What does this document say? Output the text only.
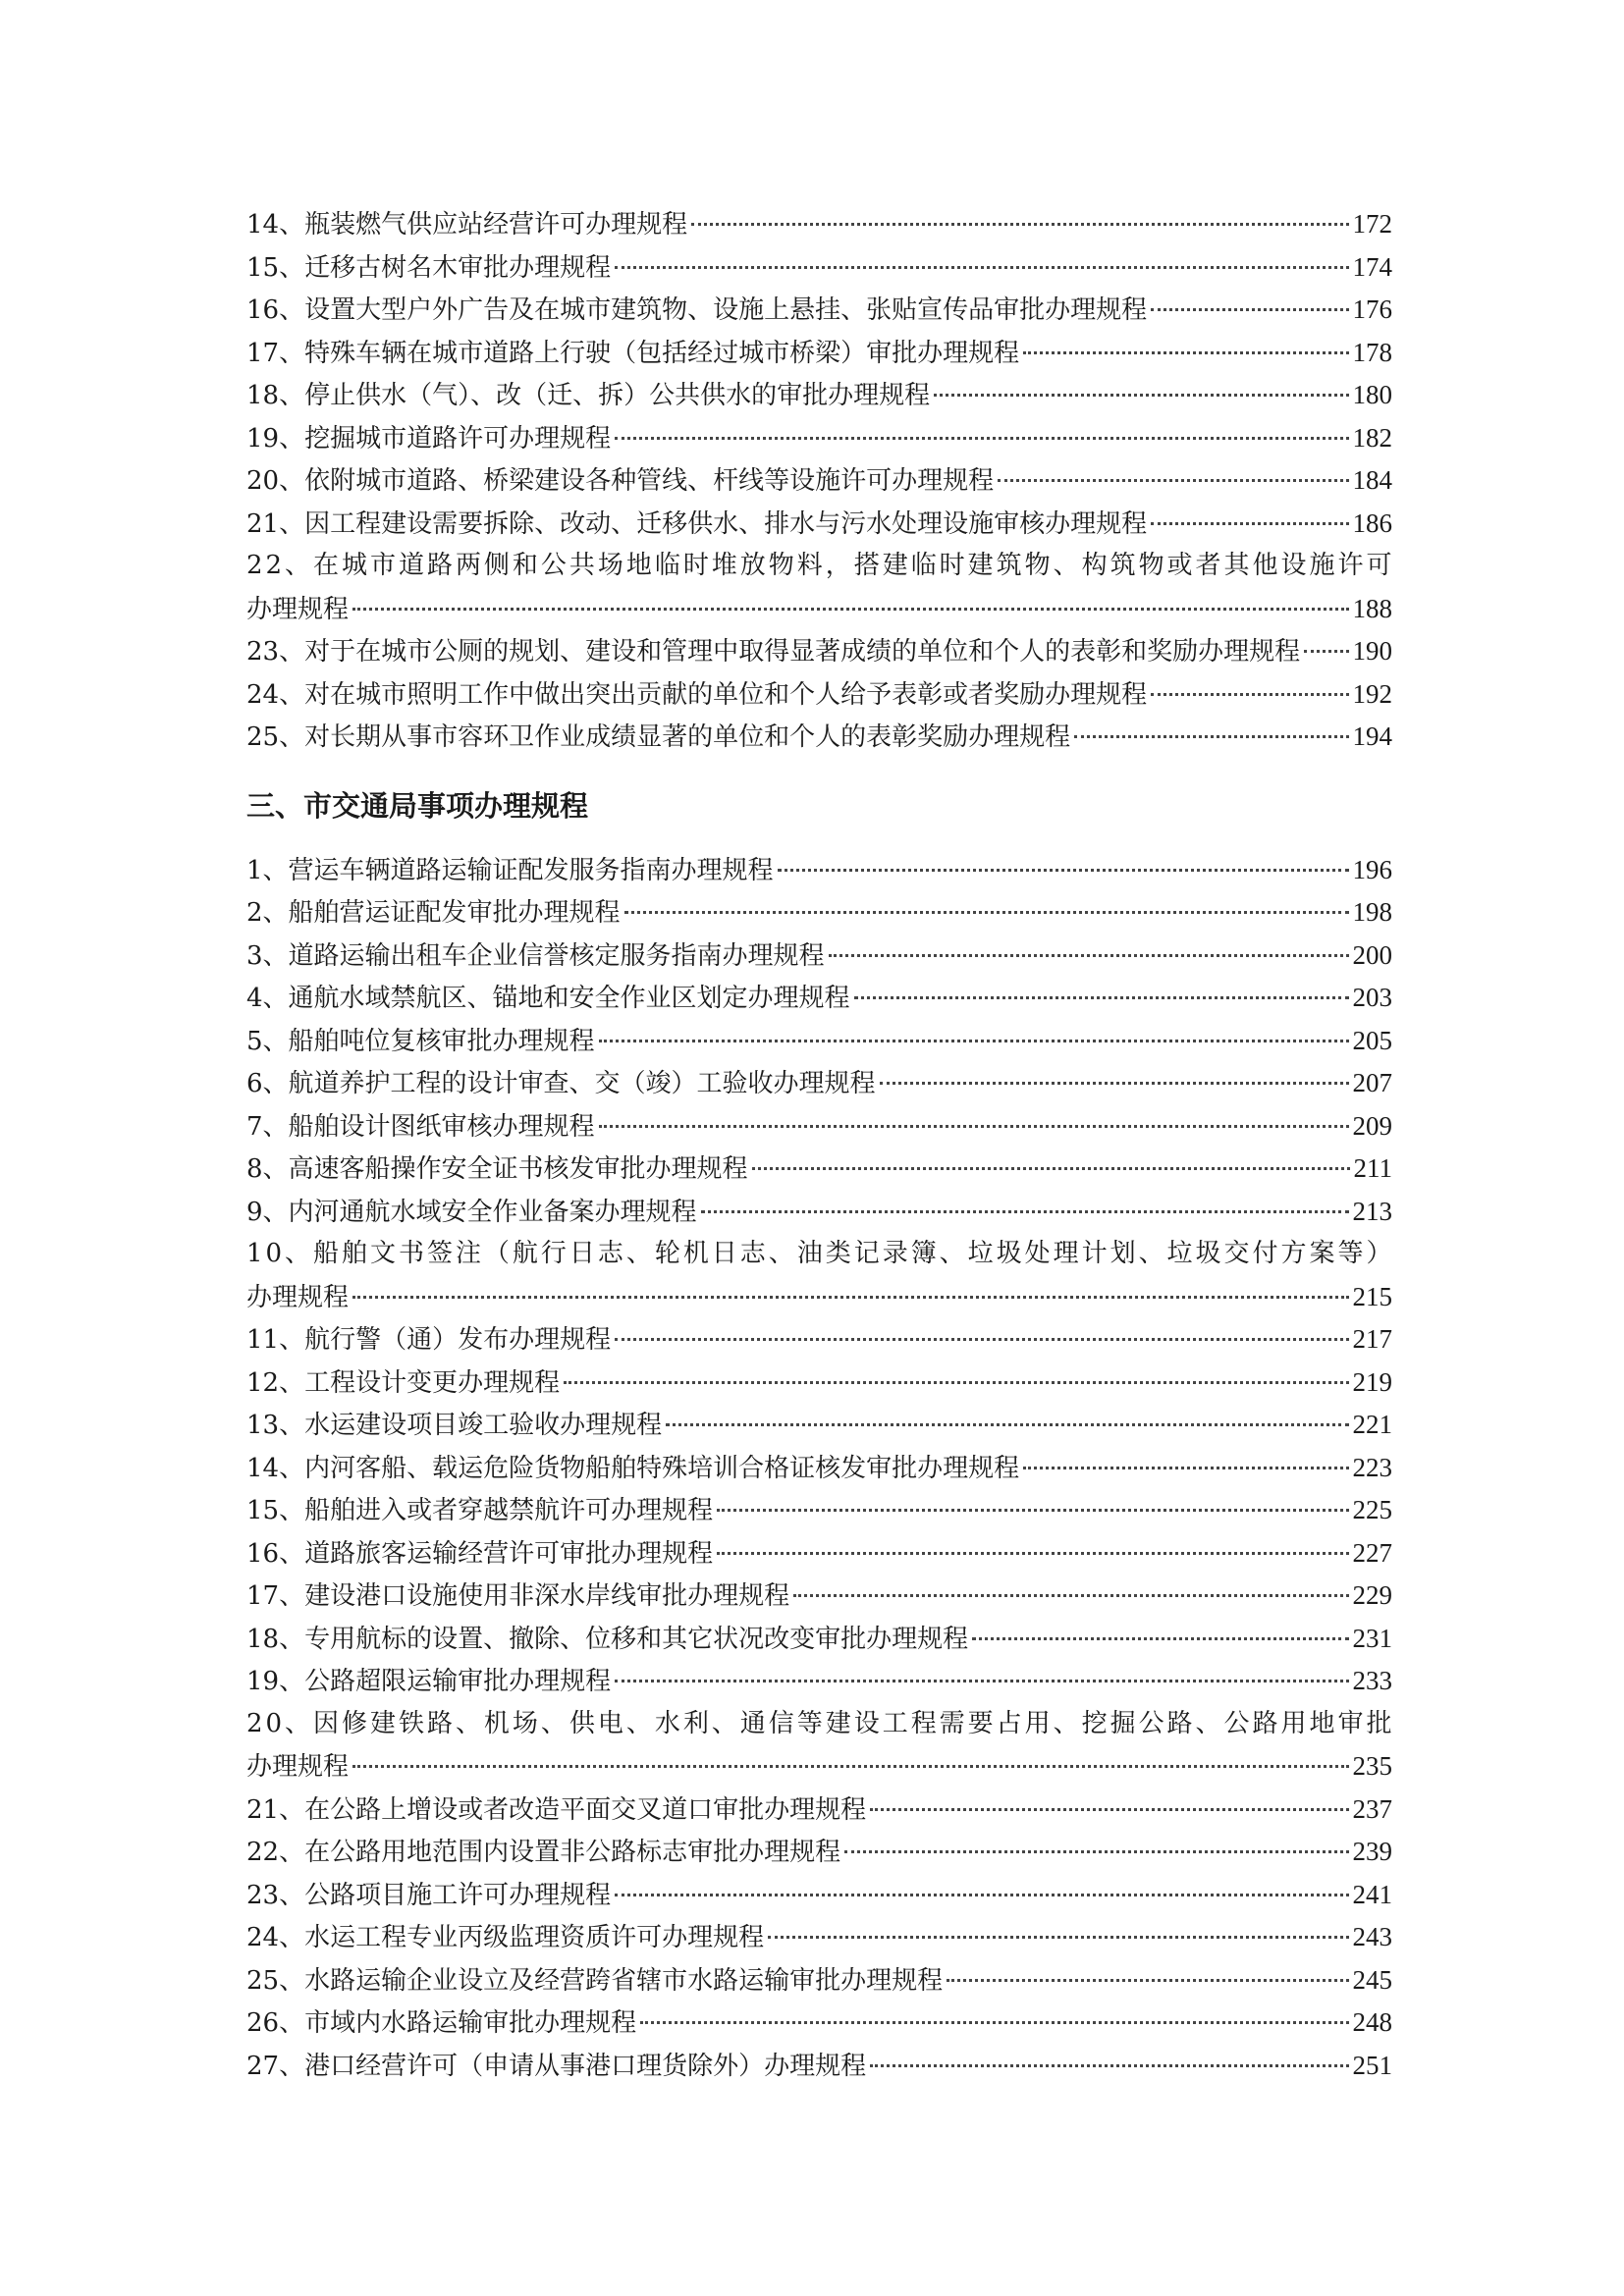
14、瓶装燃气供应站经营许可办理规程	172
15、迁移古树名木审批办理规程	174
16、设置大型户外广告及在城市建筑物、设施上悬挂、张贴宣传品审批办理规程	176
17、特殊车辆在城市道路上行驶（包括经过城市桥梁）审批办理规程	178
18、停止供水（气）、改（迁、拆）公共供水的审批办理规程	180
19、挖掘城市道路许可办理规程	182
20、依附城市道路、桥梁建设各种管线、杆线等设施许可办理规程	184
21、因工程建设需要拆除、改动、迁移供水、排水与污水处理设施审核办理规程	186
2 2 、 在 城 市 道 路 两 侧 和 公 共 场 地 临 时 堆 放 物 料 ， 搭 建 临 时 建 筑 物 、 构 筑 物 或 者 其 他 设 施 许 可
办理规程	188
23、对于在城市公厕的规划、建设和管理中取得显著成绩的单位和个人的表彰和奖励办理规程 190
24、对在城市照明工作中做出突出贡献的单位和个人给予表彰或者奖励办理规程	192
25、对长期从事市容环卫作业成绩显著的单位和个人的表彰奖励办理规程	194
三、市交通局事项办理规程
1、营运车辆道路运输证配发服务指南办理规程	196
2、船舶营运证配发审批办理规程	198
3、道路运输出租车企业信誉核定服务指南办理规程	200
4、通航水域禁航区、锚地和安全作业区划定办理规程	203
5、船舶吨位复核审批办理规程	205
6、航道养护工程的设计审查、交（竣）工验收办理规程	207
7、船舶设计图纸审核办理规程	209
8、高速客船操作安全证书核发审批办理规程	211
9、内河通航水域安全作业备案办理规程	213
1 0 、 船 舶 文 书 签 注 （ 航 行 日 志 、 轮 机 日 志 、 油 类 记 录 簿 、 垃 圾 处 理 计 划 、 垃 圾 交 付 方 案 等 ）
办理规程	215
11、航行警（通）发布办理规程	217
12、工程设计变更办理规程	219
13、水运建设项目竣工验收办理规程	221
14、内河客船、载运危险货物船舶特殊培训合格证核发审批办理规程	223
15、船舶进入或者穿越禁航许可办理规程	225
16、道路旅客运输经营许可审批办理规程	227
17、建设港口设施使用非深水岸线审批办理规程	229
18、专用航标的设置、撤除、位移和其它状况改变审批办理规程	231
19、公路超限运输审批办理规程	233
2 0 、 因 修 建 铁 路 、 机 场 、 供 电 、 水 利 、 通 信 等 建 设 工 程 需 要 占 用 、 挖 掘 公 路 、 公 路 用 地 审 批
办理规程	235
21、在公路上增设或者改造平面交叉道口审批办理规程	237
22、在公路用地范围内设置非公路标志审批办理规程	239
23、公路项目施工许可办理规程	241
24、水运工程专业丙级监理资质许可办理规程	243
25、水路运输企业设立及经营跨省辖市水路运输审批办理规程	245
26、市域内水路运输审批办理规程	248
27、港口经营许可（申请从事港口理货除外）办理规程	251
